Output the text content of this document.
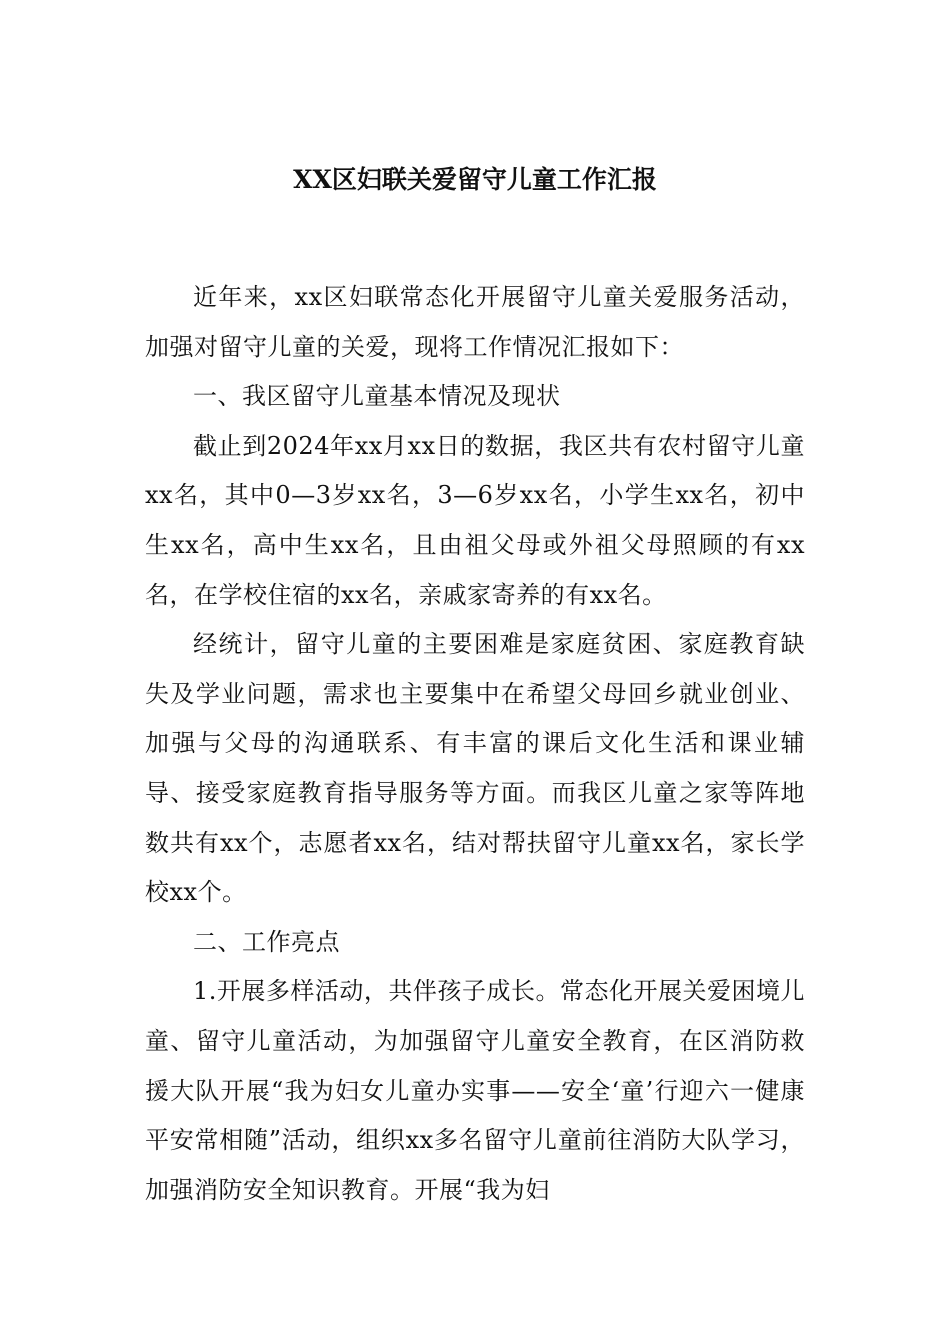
XX区妇联关爱留守儿童工作汇报

近年来，xx区妇联常态化开展留守儿童关爱服务活动，加强对留守儿童的关爱，现将工作情况汇报如下：

一、我区留守儿童基本情况及现状

截止到2024年xx月xx日的数据，我区共有农村留守儿童xx名，其中0—3岁xx名，3—6岁xx名，小学生xx名，初中生xx名，高中生xx名，且由祖父母或外祖父母照顾的有xx名，在学校住宿的xx名，亲戚家寄养的有xx名。

经统计，留守儿童的主要困难是家庭贫困、家庭教育缺失及学业问题，需求也主要集中在希望父母回乡就业创业、加强与父母的沟通联系、有丰富的课后文化生活和课业辅导、接受家庭教育指导服务等方面。而我区儿童之家等阵地数共有xx个，志愿者xx名，结对帮扶留守儿童xx名，家长学校xx个。

二、工作亮点

1.开展多样活动，共伴孩子成长。常态化开展关爱困境儿童、留守儿童活动，为加强留守儿童安全教育，在区消防救援大队开展“我为妇女儿童办实事——安全‘童’行迎六一健康平安常相随”活动，组织xx多名留守儿童前往消防大队学习，加强消防安全知识教育。开展“我为妇
